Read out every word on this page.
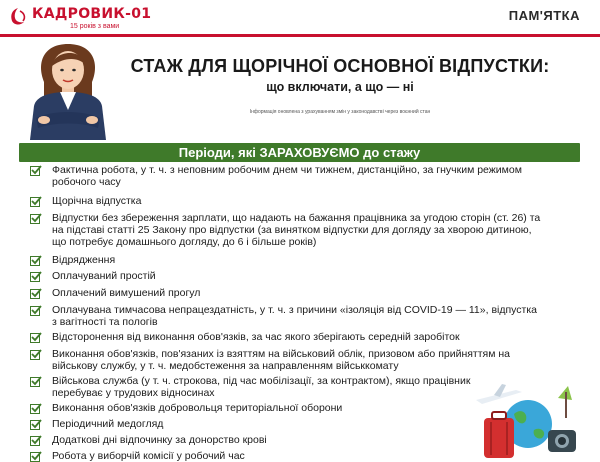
КАДРОВИК-01
15 років з вами
ПАМ'ЯТКА
СТАЖ ДЛЯ ЩОРІЧНОЇ ОСНОВНОЇ ВІДПУСТКИ:
що включати, а що — ні
Інформація оновлена з урахуванням змін у законодавстві через воєнний стан
Періоди, які ЗАРАХОВУЄМО до стажу
Фактична робота, у т. ч. з неповним робочим днем чи тижнем, дистанційно, за гнучким режимом робочого часу
Щорічна відпустка
Відпустки без збереження зарплати, що надають на бажання працівника за угодою сторін (ст. 26) та на підставі статті 25 Закону про відпустки (за винятком відпустки для догляду за хворою дитиною, що потребує домашнього догляду, до 6 і більше років)
Відрядження
Оплачуваний простій
Оплачений вимушений прогул
Оплачувана тимчасова непрацездатність, у т. ч. з причини «ізоляція від COVID-19 — 11», відпустка з вагітності та пологів
Відсторонення від виконання обов'язків, за час якого зберігають середній заробіток
Виконання обов'язків, пов'язаних із взяттям на військовий облік, призовом або прийняттям на військову службу, у т. ч. медобстеження за направленням військкомату
Військова служба (у т. ч. строкова, під час мобілізації, за контрактом), якщо працівник перебуває у трудових відносинах
Виконання обов'язків добровольця територіальної оборони
Періодичний медогляд
Додаткові дні відпочинку за донорство крові
Робота у виборчій комісії у робочий час
